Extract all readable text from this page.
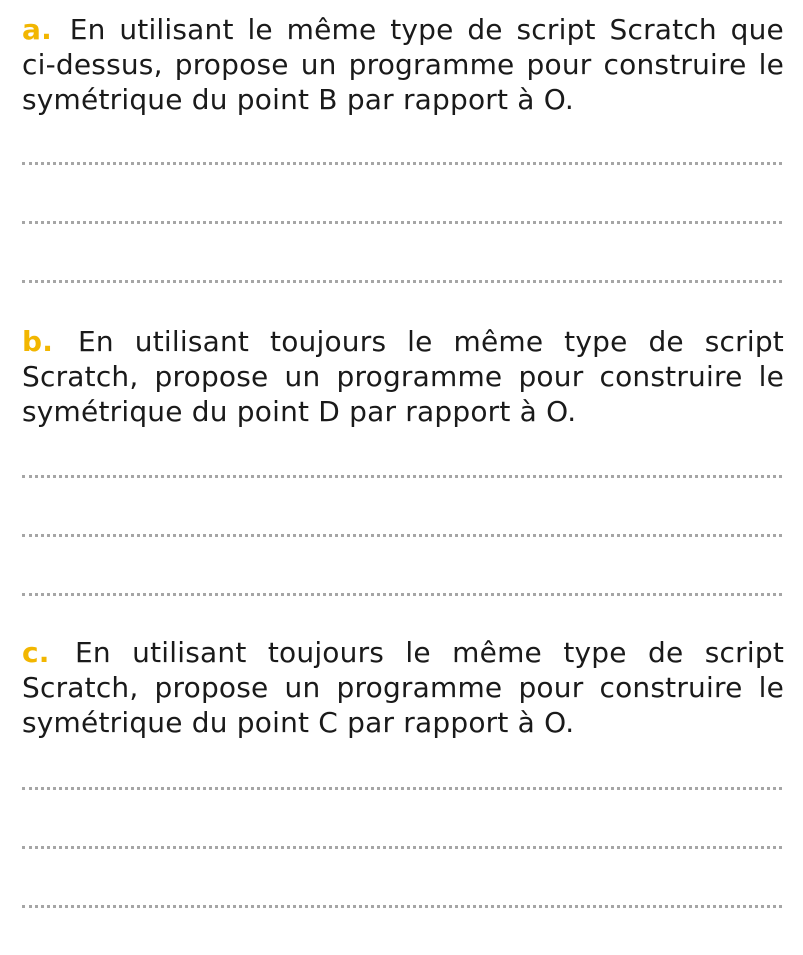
a. En utilisant le même type de script Scratch que ci-dessus, propose un programme pour construire le symétrique du point B par rapport à O.

b. En utilisant toujours le même type de script Scratch, propose un programme pour construire le symétrique du point D par rapport à O.

c. En utilisant toujours le même type de script Scratch, propose un programme pour construire le symétrique du point C par rapport à O.
